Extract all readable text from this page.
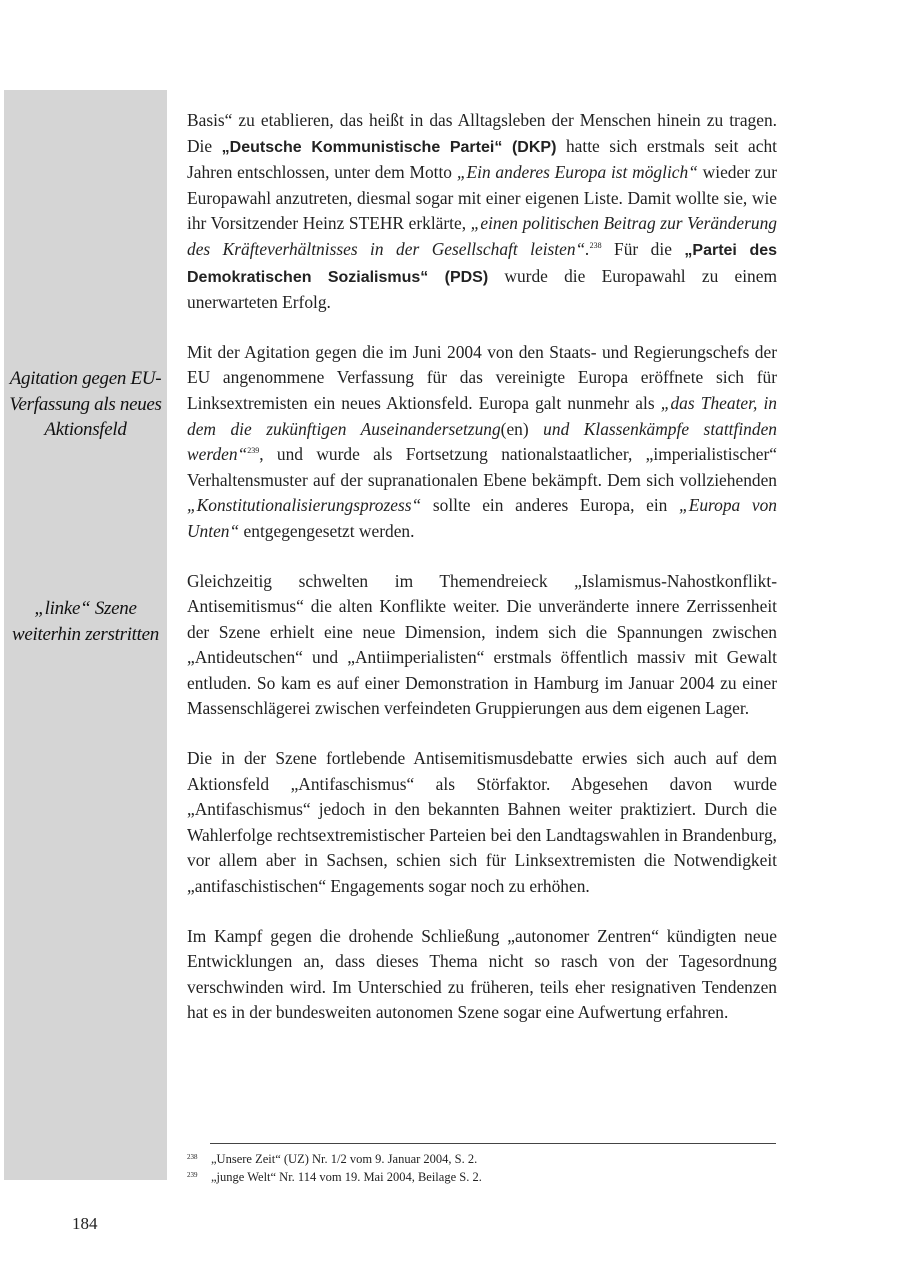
Agitation gegen EU-Verfassung als neues Aktionsfeld
„linke“ Szene weiterhin zerstritten

Basis“ zu etablieren, das heißt in das Alltagsleben der Menschen hinein zu tragen. Die „Deutsche Kommunistische Partei“ (DKP) hatte sich erstmals seit acht Jahren entschlossen, unter dem Motto „Ein anderes Europa ist möglich“ wieder zur Europawahl anzutreten, diesmal sogar mit einer eigenen Liste. Damit wollte sie, wie ihr Vorsitzender Heinz STEHR erklärte, „einen politischen Beitrag zur Veränderung des Kräfteverhältnisses in der Gesellschaft leisten“.$^{238}$ Für die „Partei des Demokratischen Sozialismus“ (PDS) wurde die Europawahl zu einem unerwarteten Erfolg.

Mit der Agitation gegen die im Juni 2004 von den Staats- und Regierungschefs der EU angenommene Verfassung für das vereinigte Europa eröffnete sich für Linksextremisten ein neues Aktionsfeld. Europa galt nunmehr als „das Theater, in dem die zukünftigen Auseinandersetzung(en) und Klassenkämpfe stattfinden werden“$^{239}$, und wurde als Fortsetzung nationalstaatlicher, „imperialistischer“ Verhaltensmuster auf der supranationalen Ebene bekämpft. Dem sich vollziehenden „Konstitutionalisierungsprozess“ sollte ein anderes Europa, ein „Europa von Unten“ entgegengesetzt werden.

Gleichzeitig schwelten im Themendreieck „Islamismus-Nahostkonflikt-Antisemitismus“ die alten Konflikte weiter. Die unveränderte innere Zerrissenheit der Szene erhielt eine neue Dimension, indem sich die Spannungen zwischen „Antideutschen“ und „Antiimperialisten“ erstmals öffentlich massiv mit Gewalt entluden. So kam es auf einer Demonstration in Hamburg im Januar 2004 zu einer Massenschlägerei zwischen verfeindeten Gruppierungen aus dem eigenen Lager.

Die in der Szene fortlebende Antisemitismusdebatte erwies sich auch auf dem Aktionsfeld „Antifaschismus“ als Störfaktor. Abgesehen davon wurde „Antifaschismus“ jedoch in den bekannten Bahnen weiter praktiziert. Durch die Wahlerfolge rechtsextremistischer Parteien bei den Landtagswahlen in Brandenburg, vor allem aber in Sachsen, schien sich für Linksextremisten die Notwendigkeit „antifaschistischen“ Engagements sogar noch zu erhöhen.

Im Kampf gegen die drohende Schließung „autonomer Zentren“ kündigten neue Entwicklungen an, dass dieses Thema nicht so rasch von der Tagesordnung verschwinden wird. Im Unterschied zu früheren, teils eher resignativen Tendenzen hat es in der bundesweiten autonomen Szene sogar eine Aufwertung erfahren.

238 „Unsere Zeit“ (UZ) Nr. 1/2 vom 9. Januar 2004, S. 2.
239 „junge Welt“ Nr. 114 vom 19. Mai 2004, Beilage S. 2.
184
